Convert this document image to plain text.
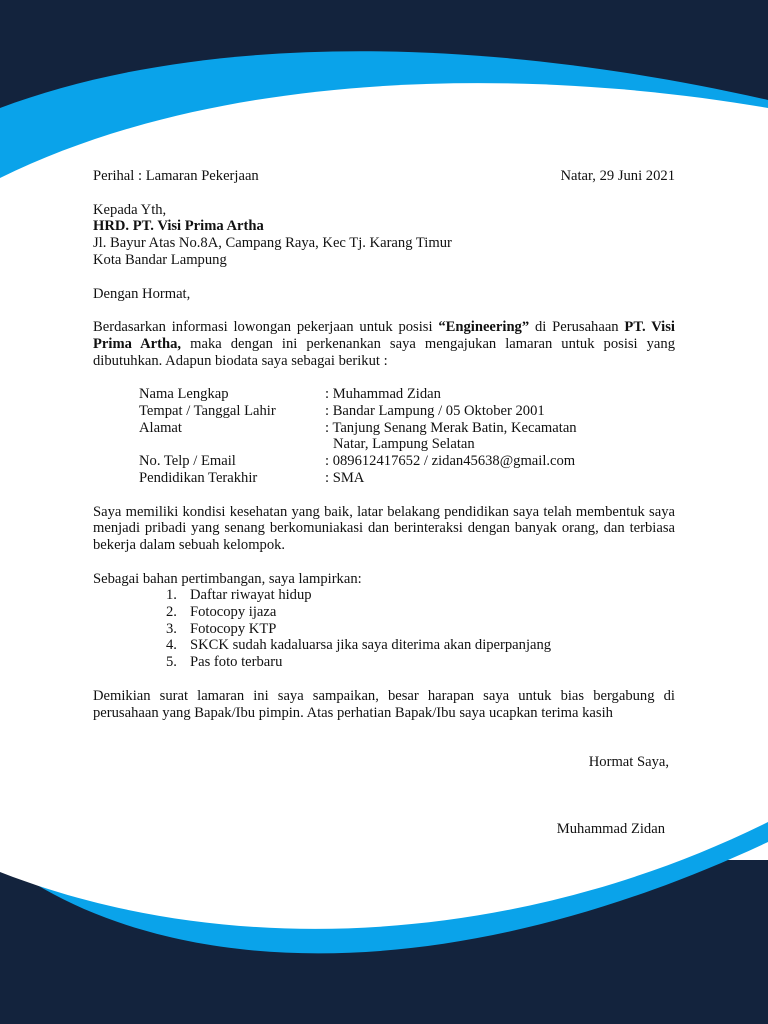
Perihal : Lamaran Pekerjaan	Natar, 29 Juni 2021
Kepada Yth,
HRD. PT. Visi Prima Artha
Jl. Bayur Atas No.8A, Campang Raya, Kec Tj. Karang Timur
Kota Bandar Lampung
Dengan Hormat,
Berdasarkan informasi lowongan pekerjaan untuk posisi “Engineering” di Perusahaan PT. Visi Prima Artha, maka dengan ini perkenankan saya mengajukan lamaran untuk posisi yang dibutuhkan. Adapun biodata saya sebagai berikut :
Nama Lengkap	: Muhammad Zidan
Tempat / Tanggal Lahir	: Bandar Lampung / 05 Oktober 2001
Alamat	: Tanjung Senang Merak Batin, Kecamatan
Natar, Lampung Selatan
No. Telp / Email	: 089612417652 / zidan45638@gmail.com
Pendidikan Terakhir	: SMA
Saya memiliki kondisi kesehatan yang baik, latar belakang pendidikan saya telah membentuk saya menjadi pribadi yang senang berkomuniakasi dan berinteraksi dengan banyak orang, dan terbiasa bekerja dalam sebuah kelompok.
Sebagai bahan pertimbangan, saya lampirkan:
1. Daftar riwayat hidup
2. Fotocopy ijaza
3. Fotocopy KTP
4. SKCK sudah kadaluarsa jika saya diterima akan diperpanjang
5. Pas foto terbaru
Demikian surat lamaran ini saya sampaikan, besar harapan saya untuk bias bergabung di perusahaan yang Bapak/Ibu pimpin. Atas perhatian Bapak/Ibu saya ucapkan terima kasih
Hormat Saya,
Muhammad Zidan
